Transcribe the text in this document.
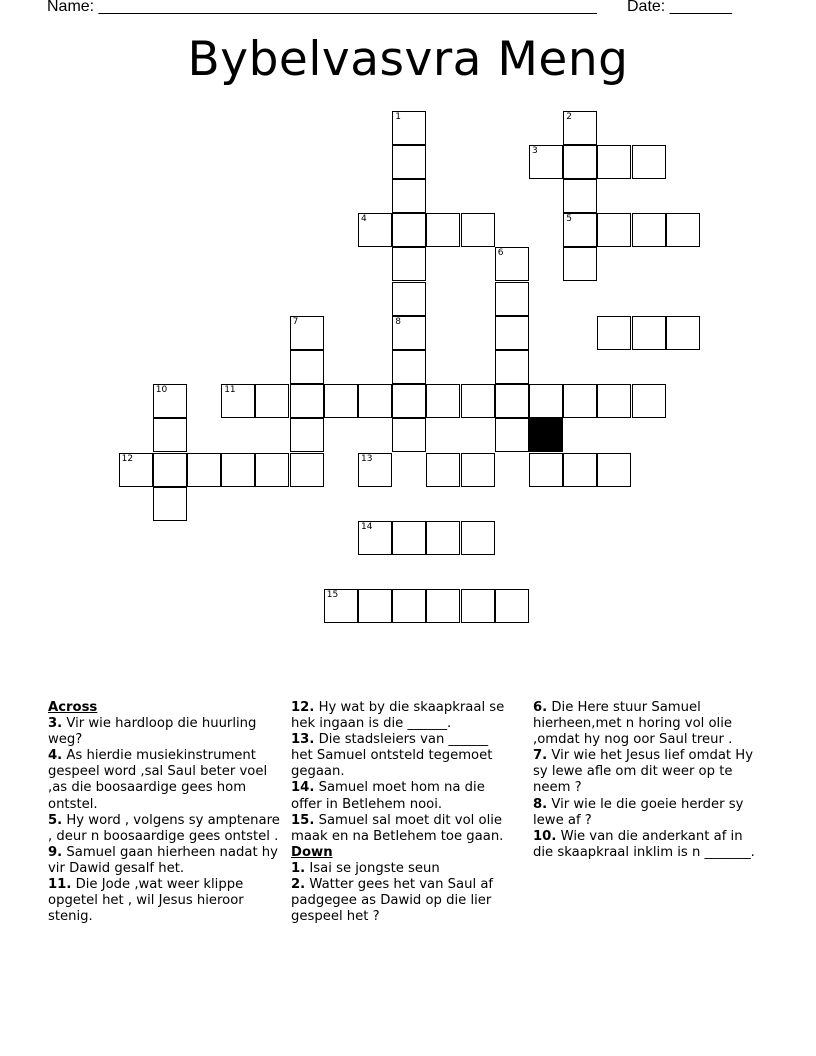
Name: ________________________________________________________ Date: _______
Bybelvasvra Meng
1	2
5
3
4
6
7	8
11
10
12	13
14
15
Across
3. Vir wie hardloop die huurling weg?
4. As hierdie musiekinstrument gespeel word ,sal Saul beter voel ,as die boosaardige gees hom ontstel.
5. Hy word , volgens sy amptenare , deur n boosaardige gees ontstel .
9. Samuel gaan hierheen nadat hy vir Dawid gesalf het.
11. Die Jode ,wat weer klippe opgetel het , wil Jesus hieroor stenig.
12. Hy wat by die skaapkraal se hek ingaan is die ______.
13. Die stadsleiers van ______ het Samuel ontsteld tegemoet gegaan.
14. Samuel moet hom na die offer in Betlehem nooi.
15. Samuel sal moet dit vol olie maak en na Betlehem toe gaan.
Down
1. Isai se jongste seun
2. Watter gees het van Saul af padgegee as Dawid op die lier gespeel het ?
6. Die Here stuur Samuel hierheen,met n horing vol olie ,omdat hy nog oor Saul treur .
7. Vir wie het Jesus lief omdat Hy sy lewe afle om dit weer op te neem ?
8. Vir wie le die goeie herder sy lewe af ?
10. Wie van die anderkant af in die skaapkraal inklim is n _______.
